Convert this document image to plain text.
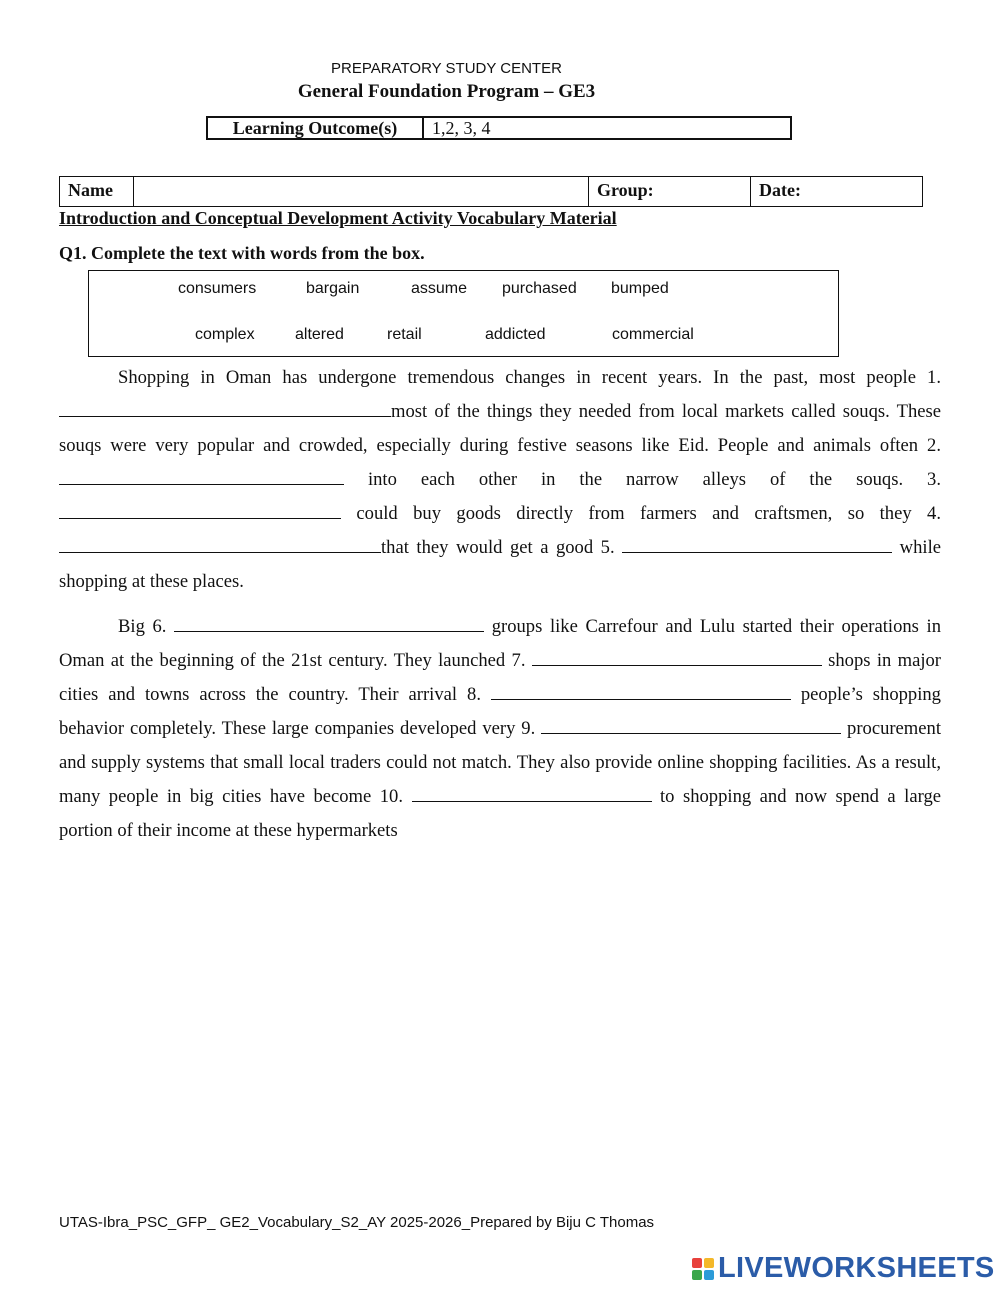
PREPARATORY STUDY CENTER
General Foundation Program – GE3
Learning Outcome(s)	1,2, 3, 4
Name	Group:	Date:
Introduction and Conceptual Development Activity Vocabulary Material
Q1. Complete the text with words from the box.
consumers	bargain	assume purchased bumped
complex	altered	retail	addicted	commercial

Shopping in Oman has undergone tremendous changes in recent years. In the past, most people 1. most of the things they needed from local markets called souqs. These souqs were very popular and crowded, especially during festive seasons like Eid. People and animals often 2.  into each other in the narrow alleys of the souqs. 3.  could buy goods directly from farmers and craftsmen, so they 4. that they would get a good 5.	while shopping at these places.

Big 6.	groups like Carrefour and Lulu started their operations in Oman at the beginning of the 21st century. They launched 7.	shops in major cities and towns across the country. Their arrival 8.	people’s shopping behavior completely. These large companies developed very 9.	procurement and supply systems that small local traders could not match. They also provide online shopping facilities. As a result, many people in big cities have become 10.	to shopping and now spend a large portion of their income at these hypermarkets

UTAS-Ibra_PSC_GFP_ GE2_Vocabulary_S2_AY 2025-2026_Prepared by Biju C Thomas
LIVEWORKSHEETS
